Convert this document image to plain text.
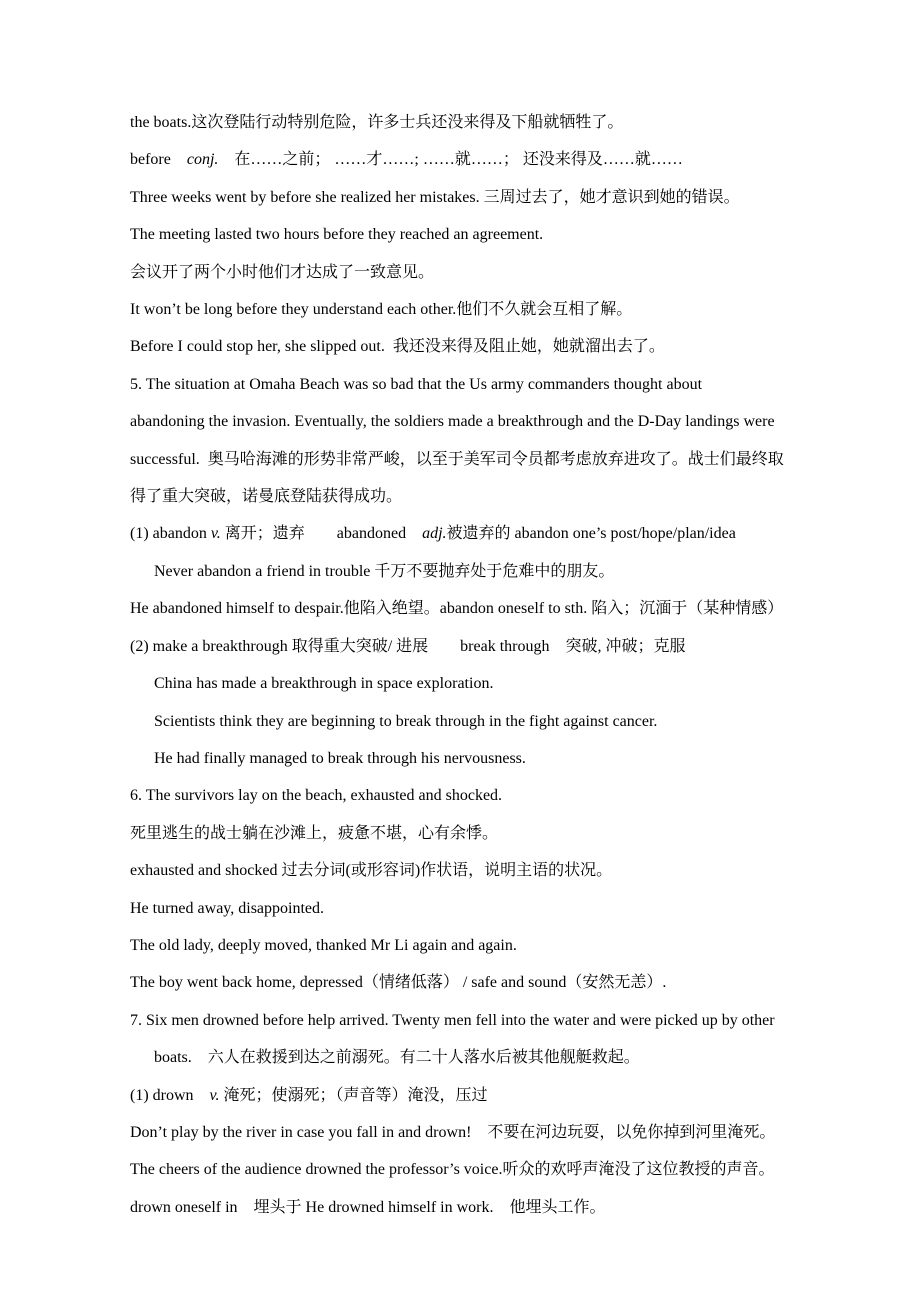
the boats.这次登陆行动特别危险，许多士兵还没来得及下船就牺牲了。

before　conj.　在……之前； ……才……; ……就……； 还没来得及……就……

Three weeks went by before she realized her mistakes. 三周过去了，她才意识到她的错误。

The meeting lasted two hours before they reached an agreement.

会议开了两个小时他们才达成了一致意见。

It won’t be long before they understand each other.他们不久就会互相了解。

Before I could stop her, she slipped out.  我还没来得及阻止她，她就溜出去了。

5. The situation at Omaha Beach was so bad that the Us army commanders thought about

abandoning the invasion. Eventually, the soldiers made a breakthrough and the D-Day landings were

successful.  奥马哈海滩的形势非常严峻，以至于美军司令员都考虑放弃进攻了。战士们最终取

得了重大突破，诺曼底登陆获得成功。

(1) abandon v. 离开；遗弃　　abandoned　adj.被遗弃的 abandon one’s post/hope/plan/idea

Never abandon a friend in trouble 千万不要抛弃处于危难中的朋友。

He abandoned himself to despair.他陷入绝望。abandon oneself to sth. 陷入；沉湎于（某种情感）

(2) make a breakthrough 取得重大突破/ 进展　　break through　突破, 冲破；克服

China has made a breakthrough in space exploration.

Scientists think they are beginning to break through in the fight against cancer.

He had finally managed to break through his nervousness.

6. The survivors lay on the beach, exhausted and shocked.

死里逃生的战士躺在沙滩上，疲惫不堪，心有余悸。

exhausted and shocked 过去分词(或形容词)作状语，说明主语的状况。

He turned away, disappointed.

The old lady, deeply moved, thanked Mr Li again and again.

The boy went back home, depressed（情绪低落） / safe and sound（安然无恙）.

7. Six men drowned before help arrived. Twenty men fell into the water and were picked up by other

boats.　六人在救援到达之前溺死。有二十人落水后被其他舰艇救起。

(1) drown　v. 淹死；使溺死；（声音等）淹没，压过

Don’t play by the river in case you fall in and drown!　不要在河边玩耍，以免你掉到河里淹死。

The cheers of the audience drowned the professor’s voice.听众的欢呼声淹没了这位教授的声音。

drown oneself in　埋头于 He drowned himself in work.　他埋头工作。
